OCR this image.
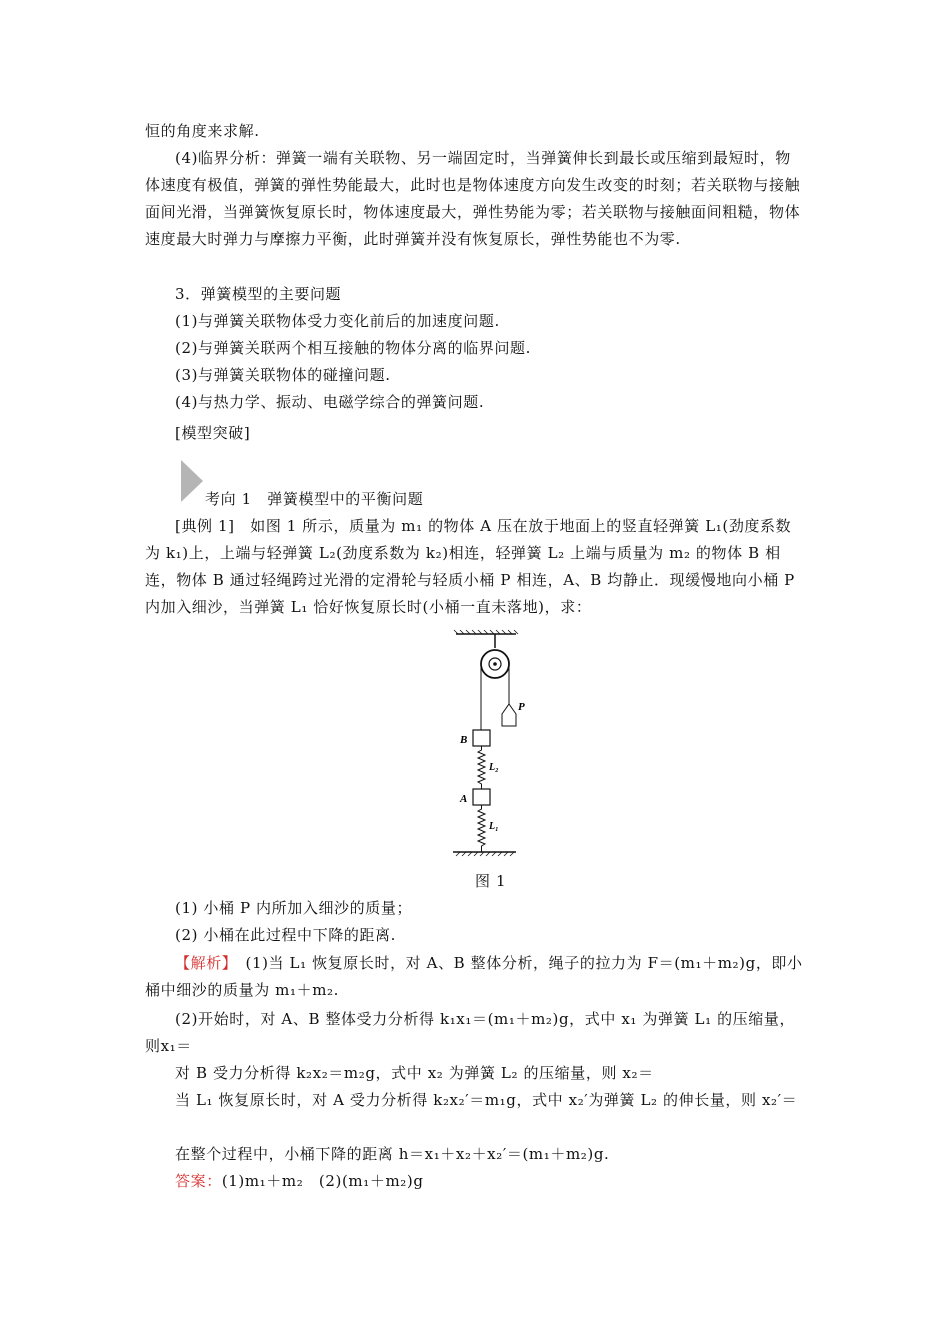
恒的角度来求解.

(4)临界分析：弹簧一端有关联物、另一端固定时，当弹簧伸长到最长或压缩到最短时，物体速度有极值，弹簧的弹性势能最大，此时也是物体速度方向发生改变的时刻；若关联物与接触面间光滑，当弹簧恢复原长时，物体速度最大，弹性势能为零；若关联物与接触面间粗糙，物体速度最大时弹力与摩擦力平衡，此时弹簧并没有恢复原长，弹性势能也不为零.

3．弹簧模型的主要问题

(1)与弹簧关联物体受力变化前后的加速度问题.

(2)与弹簧关联两个相互接触的物体分离的临界问题.

(3)与弹簧关联物体的碰撞问题.

(4)与热力学、振动、电磁学综合的弹簧问题.

[模型突破]

考向 1　弹簧模型中的平衡问题

[典例 1]　如图 1 所示，质量为 m₁ 的物体 A 压在放于地面上的竖直轻弹簧 L₁(劲度系数为 k₁)上，上端与轻弹簧 L₂(劲度系数为 k₂)相连，轻弹簧 L₂ 上端与质量为 m₂ 的物体 B 相连，物体 B 通过轻绳跨过光滑的定滑轮与轻质小桶 P 相连，A、B 均静止．现缓慢地向小桶 P 内加入细沙，当弹簧 L₁ 恰好恢复原长时(小桶一直未落地)，求：

P
B
L₂
A
L₁
图 1

(1) 小桶 P 内所加入细沙的质量；

(2) 小桶在此过程中下降的距离.

【解析】　(1)当 L₁ 恢复原长时，对 A、B 整体分析，绳子的拉力为 F＝(m₁＋m₂)g，即小桶中细沙的质量为 m₁＋m₂.

(2)开始时，对 A、B 整体受力分析得 k₁x₁＝(m₁＋m₂)g，式中 x₁ 为弹簧 L₁ 的压缩量，则x₁＝

对 B 受力分析得 k₂x₂＝m₂g，式中 x₂ 为弹簧 L₂ 的压缩量，则 x₂＝

当 L₁ 恢复原长时，对 A 受力分析得 k₂x₂′＝m₁g，式中 x₂′为弹簧 L₂ 的伸长量，则 x₂′＝

在整个过程中，小桶下降的距离 h＝x₁＋x₂＋x₂′＝(m₁＋m₂)g.

答案：(1)m₁＋m₂　(2)(m₁＋m₂)g
